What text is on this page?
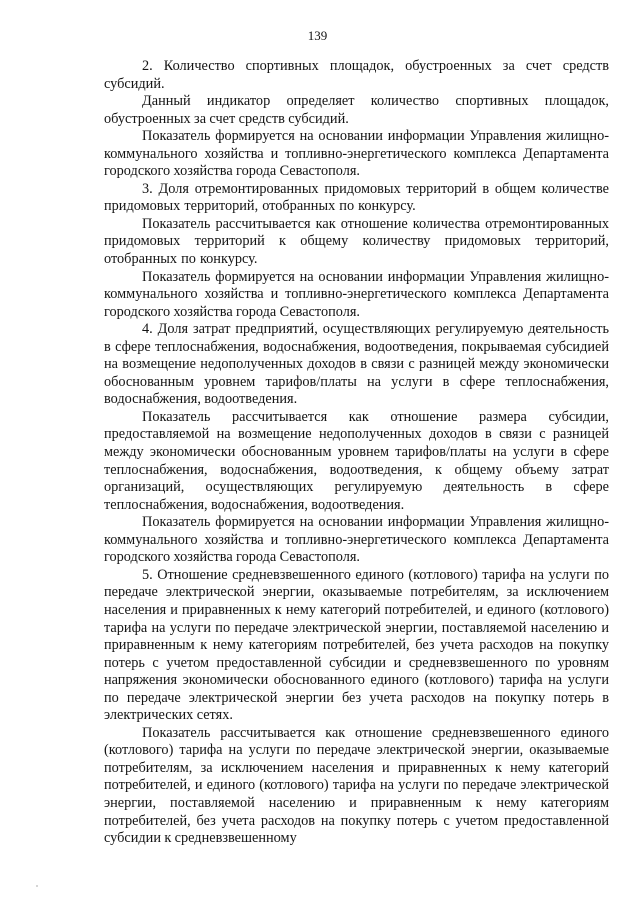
139

2. Количество спортивных площадок, обустроенных за счет средств субсидий.

Данный индикатор определяет количество спортивных площадок, обустроенных за счет средств субсидий.

Показатель формируется на основании информации Управления жилищно-коммунального хозяйства и топливно-энергетического комплекса Департамента городского хозяйства города Севастополя.

3. Доля отремонтированных придомовых территорий в общем количестве придомовых территорий, отобранных по конкурсу.

Показатель рассчитывается как отношение количества отремонтированных придомовых территорий к общему количеству придомовых территорий, отобранных по конкурсу.

Показатель формируется на основании информации Управления жилищно-коммунального хозяйства и топливно-энергетического комплекса Департамента городского хозяйства города Севастополя.

4. Доля затрат предприятий, осуществляющих регулируемую деятельность в сфере теплоснабжения, водоснабжения, водоотведения, покрываемая субсидией на возмещение недополученных доходов в связи с разницей между экономически обоснованным уровнем тарифов/платы на услуги в сфере теплоснабжения, водоснабжения, водоотведения.

Показатель рассчитывается как отношение размера субсидии, предоставляемой на возмещение недополученных доходов в связи с разницей между экономически обоснованным уровнем тарифов/платы на услуги в сфере теплоснабжения, водоснабжения, водоотведения, к общему объему затрат организаций, осуществляющих регулируемую деятельность в сфере теплоснабжения, водоснабжения, водоотведения.

Показатель формируется на основании информации Управления жилищно-коммунального хозяйства и топливно-энергетического комплекса Департамента городского хозяйства города Севастополя.

5. Отношение средневзвешенного единого (котлового) тарифа на услуги по передаче электрической энергии, оказываемые потребителям, за исключением населения и приравненных к нему категорий потребителей, и единого (котлового) тарифа на услуги по передаче электрической энергии, поставляемой населению и приравненным к нему категориям потребителей, без учета расходов на покупку потерь с учетом предоставленной субсидии и средневзвешенного по уровням напряжения экономически обоснованного единого (котлового) тарифа на услуги по передаче электрической энергии без учета расходов на покупку потерь в электрических сетях.

Показатель рассчитывается как отношение средневзвешенного единого (котлового) тарифа на услуги по передаче электрической энергии, оказываемые потребителям, за исключением населения и приравненных к нему категорий потребителей, и единого (котлового) тарифа на услуги по передаче электрической энергии, поставляемой населению и приравненным к нему категориям потребителей, без учета расходов на покупку потерь с учетом предоставленной субсидии к средневзвешенному
